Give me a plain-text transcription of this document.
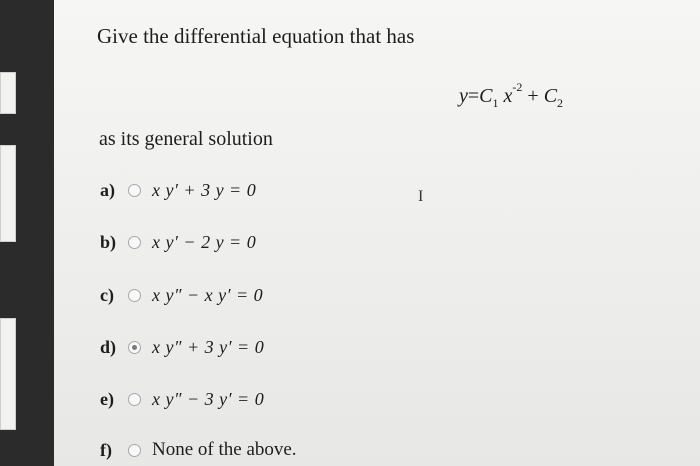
Give the differential equation that has
$y=C_1$ $x^{-2} + C_2$
as its general solution
a)	x y′ + 3 y = 0
b)	x y′ − 2 y = 0
c)	x y″ − x y′ = 0
d)	x y″ + 3 y′ = 0
e)	x y″ − 3 y′ = 0
f)	None of the above.
I
